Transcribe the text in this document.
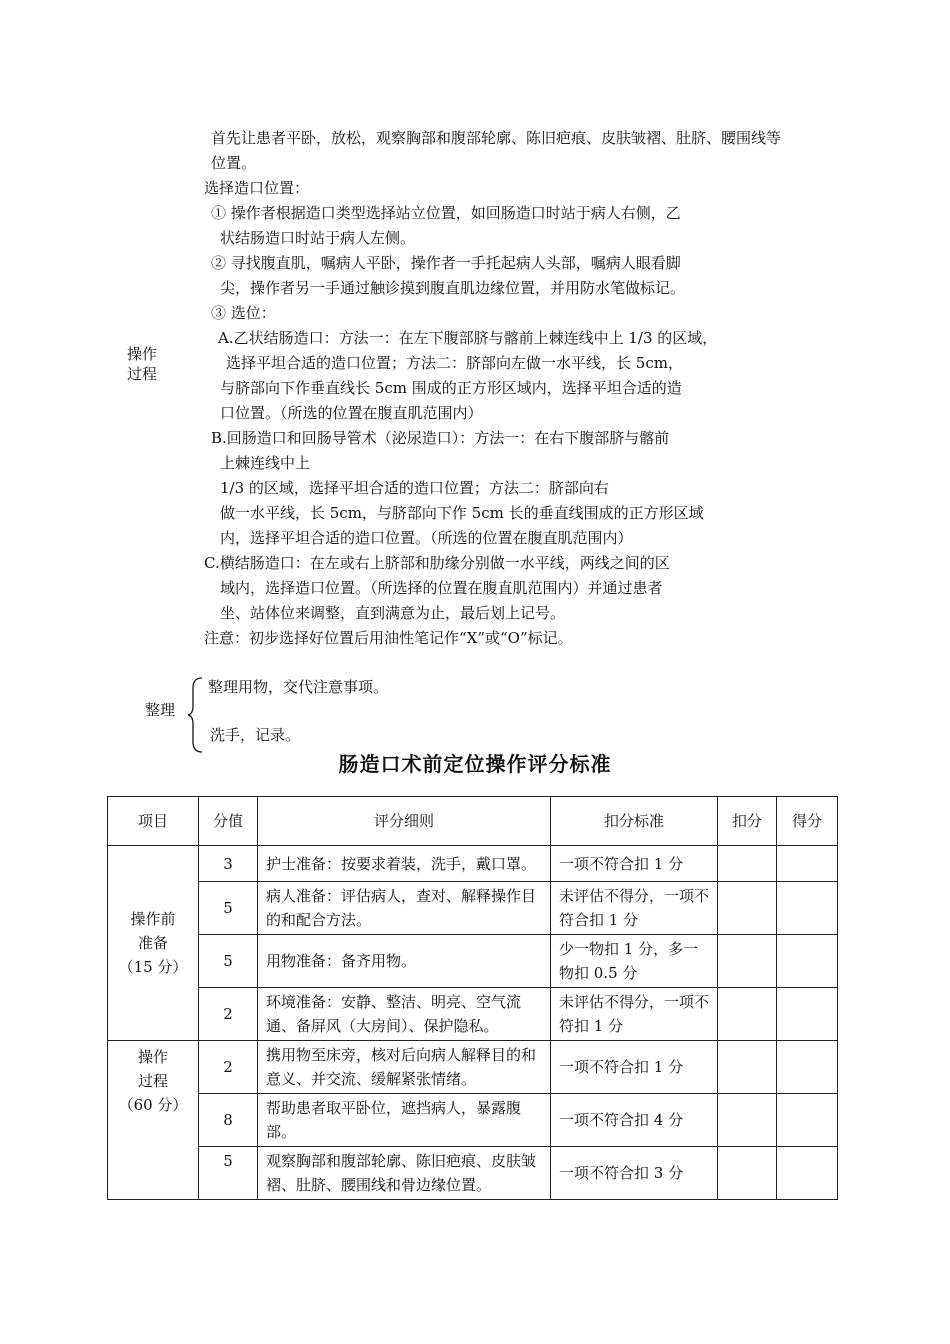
操作
过程
首先让患者平卧，放松，观察胸部和腹部轮廓、陈旧疤痕、皮肤皱褶、肚脐、腰围线等
位置。
选择造口位置：
① 操作者根据造口类型选择站立位置，如回肠造口时站于病人右侧，乙
状结肠造口时站于病人左侧。
② 寻找腹直肌，嘱病人平卧，操作者一手托起病人头部，嘱病人眼看脚
尖，操作者另一手通过触诊摸到腹直肌边缘位置，并用防水笔做标记。
③ 选位：
A.乙状结肠造口：方法一：在左下腹部脐与髂前上棘连线中上 1/3 的区域，
选择平坦合适的造口位置；方法二：脐部向左做一水平线，长 5cm，
与脐部向下作垂直线长 5cm 围成的正方形区域内，选择平坦合适的造
口位置。（所选的位置在腹直肌范围内）
B.回肠造口和回肠导管术（泌尿造口）：方法一：在右下腹部脐与髂前
上棘连线中上
1/3 的区域，选择平坦合适的造口位置；方法二：脐部向右
做一水平线，长 5cm，与脐部向下作 5cm 长的垂直线围成的正方形区域
内，选择平坦合适的造口位置。（所选的位置在腹直肌范围内）
C.横结肠造口：在左或右上脐部和肋缘分别做一水平线，两线之间的区
域内，选择造口位置。（所选择的位置在腹直肌范围内）并通过患者
坐、站体位来调整，直到满意为止，最后划上记号。
注意：初步选择好位置后用油性笔记作“X”或“O”标记。
整理
整理用物，交代注意事项。
洗手，记录。
肠造口术前定位操作评分标准
项目	分值	评分细则	扣分标准	扣分	得分

操作前
准备
（15 分）	3	护士准备：按要求着装，洗手，戴口罩。	一项不符合扣 1 分		
	5	病人准备：评估病人，查对、解释操作目的和配合方法。	未评估不得分，一项不符合扣 1 分		
	5	用物准备：备齐用物。	少一物扣 1 分，多一物扣 0.5 分		
	2	环境准备：安静、整洁、明亮、空气流通、备屏风（大房间）、保护隐私。	未评估不得分，一项不符扣 1 分		

操作
过程
（60 分）	2	携用物至床旁，核对后向病人解释目的和意义、并交流、缓解紧张情绪。	一项不符合扣 1 分		
	8	帮助患者取平卧位，遮挡病人，暴露腹部。	一项不符合扣 4 分		
	5	观察胸部和腹部轮廓、陈旧疤痕、皮肤皱褶、肚脐、腰围线和骨边缘位置。	一项不符合扣 3 分		
